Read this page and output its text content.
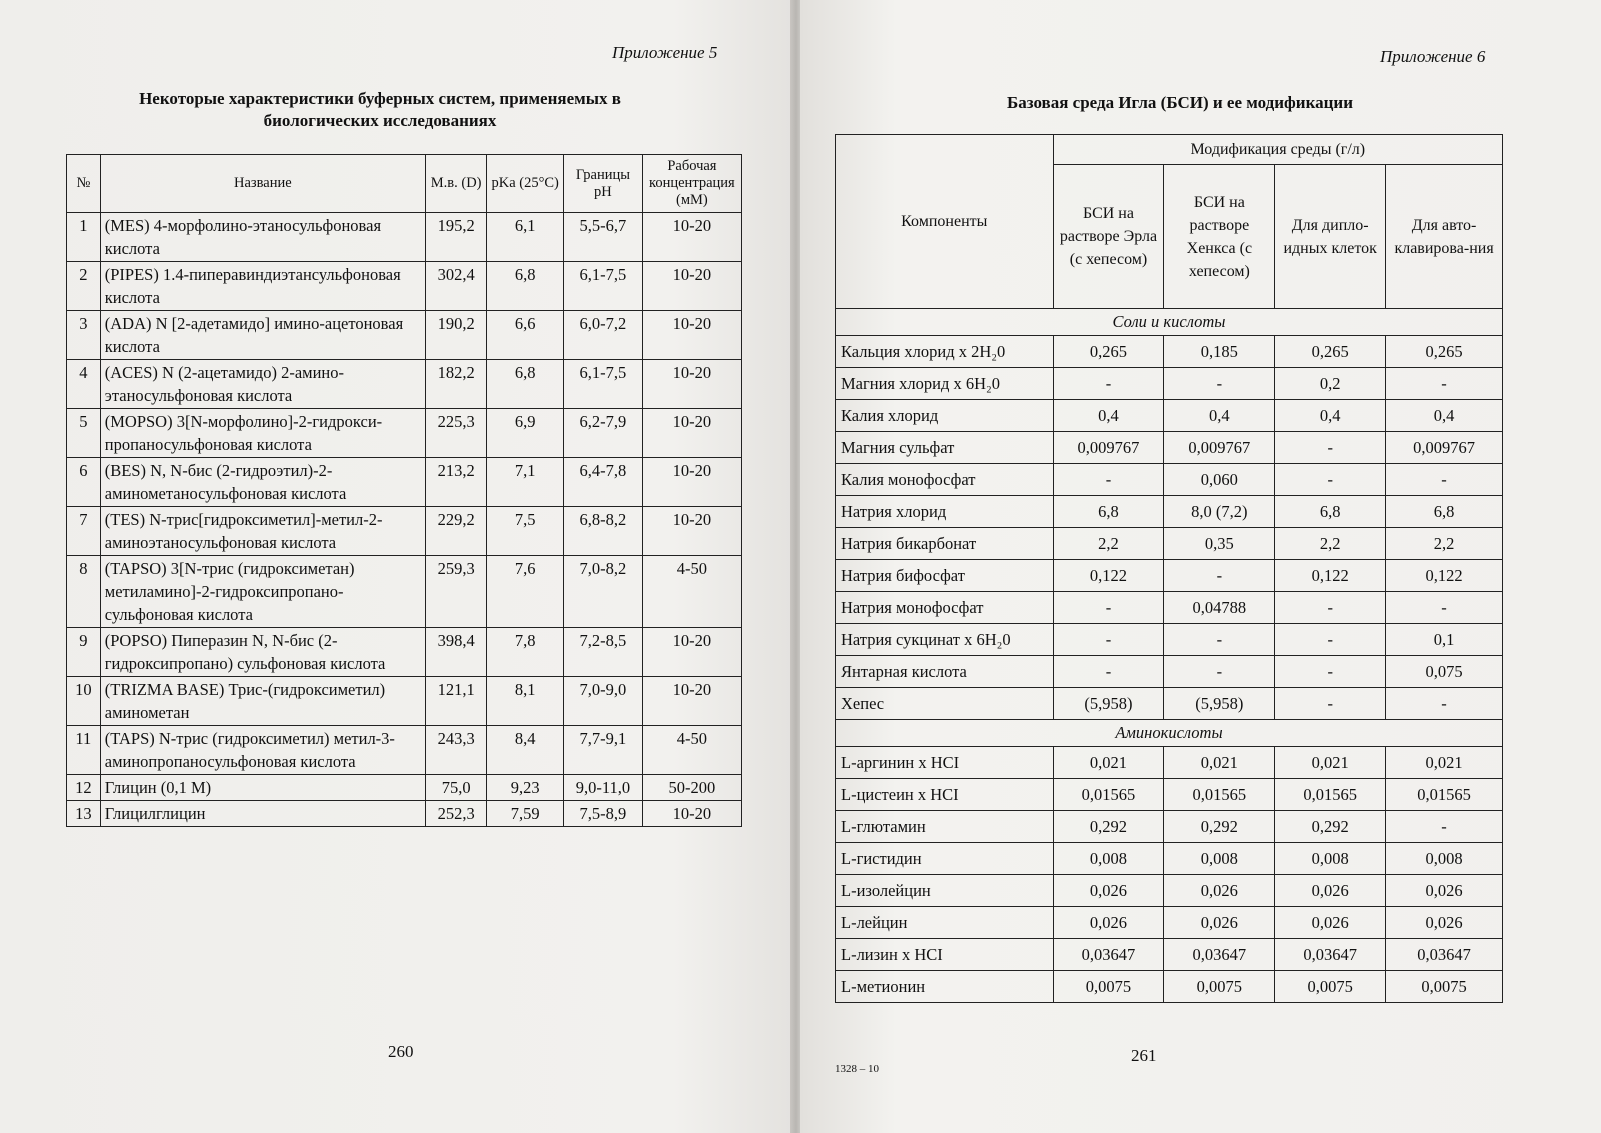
Приложение 5
Некоторые характеристики буферных систем, применяемых в биологических исследованиях
260
№	Название	М.в. (D)	pKa (25°C)	Границы pH	Рабочая концентрация (мМ)
1	(MES) 4-морфолино-этаносульфоновая кислота	195,2	6,1	5,5-6,7	10-20
2	(PIPES) 1.4-пиперавиндиэтансульфоновая кислота	302,4	6,8	6,1-7,5	10-20
3	(ADA) N [2-адетамидо] имино-ацетоновая кислота	190,2	6,6	6,0-7,2	10-20
4	(ACES) N (2-ацетамидо) 2-амино-этаносульфоновая кислота	182,2	6,8	6,1-7,5	10-20
5	(MOPSO) 3[N-морфолино]-2-гидрокси-пропаносульфоновая кислота	225,3	6,9	6,2-7,9	10-20
6	(BES) N, N-бис (2-гидроэтил)-2-аминометаносульфоновая кислота	213,2	7,1	6,4-7,8	10-20
7	(TES) N-трис[гидроксиметил]-метил-2-аминоэтаносульфоновая кислота	229,2	7,5	6,8-8,2	10-20
8	(TAPSO) 3[N-трис (гидроксиметан) метиламино]-2-гидроксипропано-сульфоновая кислота	259,3	7,6	7,0-8,2	4-50
9	(POPSO) Пиперазин N, N-бис (2-гидроксипропано) сульфоновая кислота	398,4	7,8	7,2-8,5	10-20
10	(TRIZMA BASE) Трис-(гидроксиметил) аминометан	121,1	8,1	7,0-9,0	10-20
11	(TAPS) N-трис (гидроксиметил) метил-3-аминопропаносульфоновая кислота	243,3	8,4	7,7-9,1	4-50
12	Глицин (0,1 M)	75,0	9,23	9,0-11,0	50-200
13	Глицилглицин	252,3	7,59	7,5-8,9	10-20
Приложение 6
Базовая среда Игла (БСИ) и ее модификации
261
1328 – 10
Компоненты	Модификация среды (г/л)			
	БСИ на растворе Эрла (с хепесом)	БСИ на растворе Хенкса (с хепесом)	Для дипло-идных клеток	Для авто-клавирова-ния
Соли и кислоты				
Кальция хлорид х 2H₂0	0,265	0,185	0,265	0,265
Магния хлорид х 6H₂0	-	-	0,2	-
Калия хлорид	0,4	0,4	0,4	0,4
Магния сульфат	0,009767	0,009767	-	0,009767
Калия монофосфат	-	0,060	-	-
Натрия хлорид	6,8	8,0 (7,2)	6,8	6,8
Натрия бикарбонат	2,2	0,35	2,2	2,2
Натрия бифосфат	0,122	-	0,122	0,122
Натрия монофосфат	-	0,04788	-	-
Натрия сукцинат х 6H₂0	-	-	-	0,1
Янтарная кислота	-	-	-	0,075
Хепес	(5,958)	(5,958)	-	-
Аминокислоты				
L-аргинин х HCI	0,021	0,021	0,021	0,021
L-цистеин х HCI	0,01565	0,01565	0,01565	0,01565
L-глютамин	0,292	0,292	0,292	-
L-гистидин	0,008	0,008	0,008	0,008
L-изолейцин	0,026	0,026	0,026	0,026
L-лейцин	0,026	0,026	0,026	0,026
L-лизин х HCI	0,03647	0,03647	0,03647	0,03647
L-метионин	0,0075	0,0075	0,0075	0,0075
